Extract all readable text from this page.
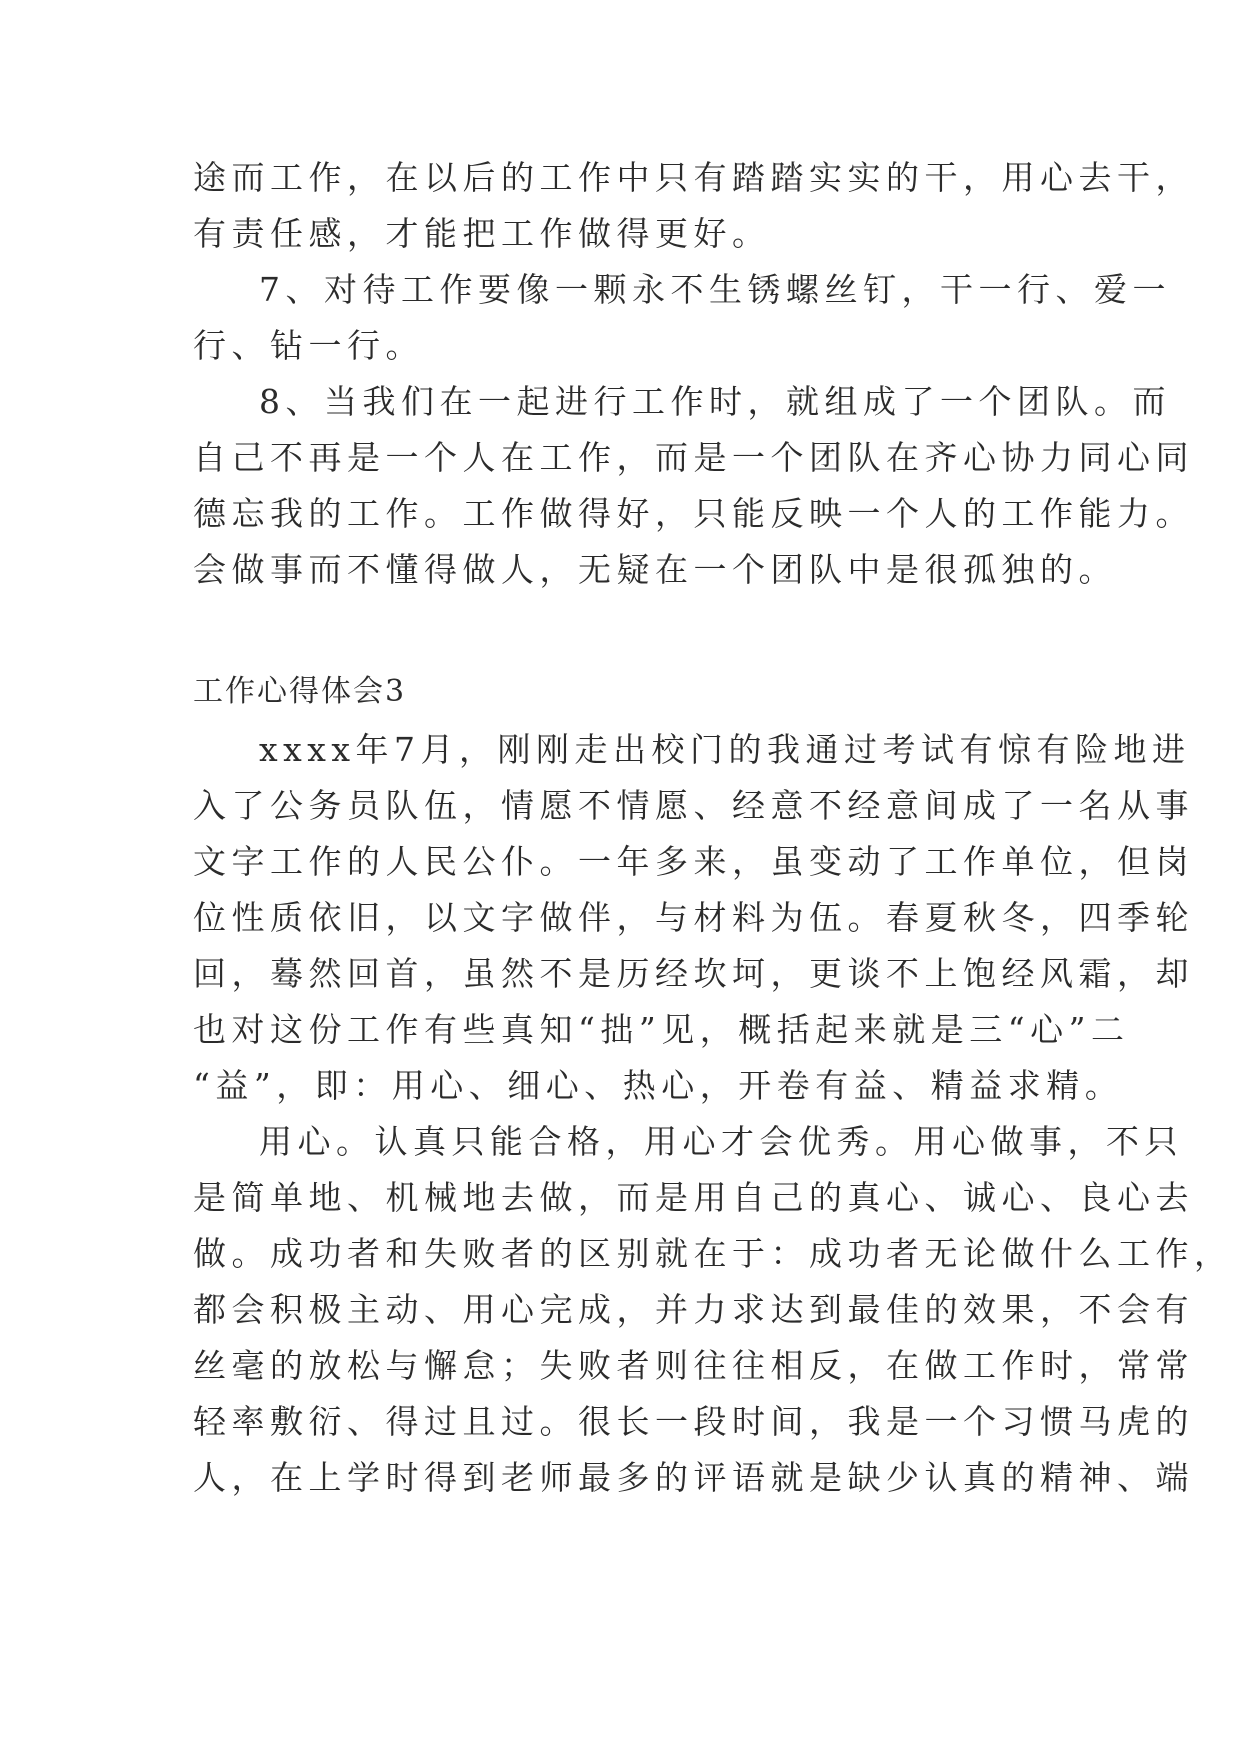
途而工作，在以后的工作中只有踏踏实实的干，用心去干，
有责任感，才能把工作做得更好。
7、对待工作要像一颗永不生锈螺丝钉，干一行、爱一
行、钻一行。
8、当我们在一起进行工作时，就组成了一个团队。而
自己不再是一个人在工作，而是一个团队在齐心协力同心同
德忘我的工作。工作做得好，只能反映一个人的工作能力。
会做事而不懂得做人，无疑在一个团队中是很孤独的。
工作心得体会3
xxxx年7月，刚刚走出校门的我通过考试有惊有险地进
入了公务员队伍，情愿不情愿、经意不经意间成了一名从事
文字工作的人民公仆。一年多来，虽变动了工作单位，但岗
位性质依旧，以文字做伴，与材料为伍。春夏秋冬，四季轮
回，蓦然回首，虽然不是历经坎坷，更谈不上饱经风霜，却
也对这份工作有些真知“拙”见，概括起来就是三“心”二
“益”，即：用心、细心、热心，开卷有益、精益求精。
用心。认真只能合格，用心才会优秀。用心做事，不只
是简单地、机械地去做，而是用自己的真心、诚心、良心去
做。成功者和失败者的区别就在于：成功者无论做什么工作，
都会积极主动、用心完成，并力求达到最佳的效果，不会有
丝毫的放松与懈怠；失败者则往往相反，在做工作时，常常
轻率敷衍、得过且过。很长一段时间，我是一个习惯马虎的
人，在上学时得到老师最多的评语就是缺少认真的精神、端
